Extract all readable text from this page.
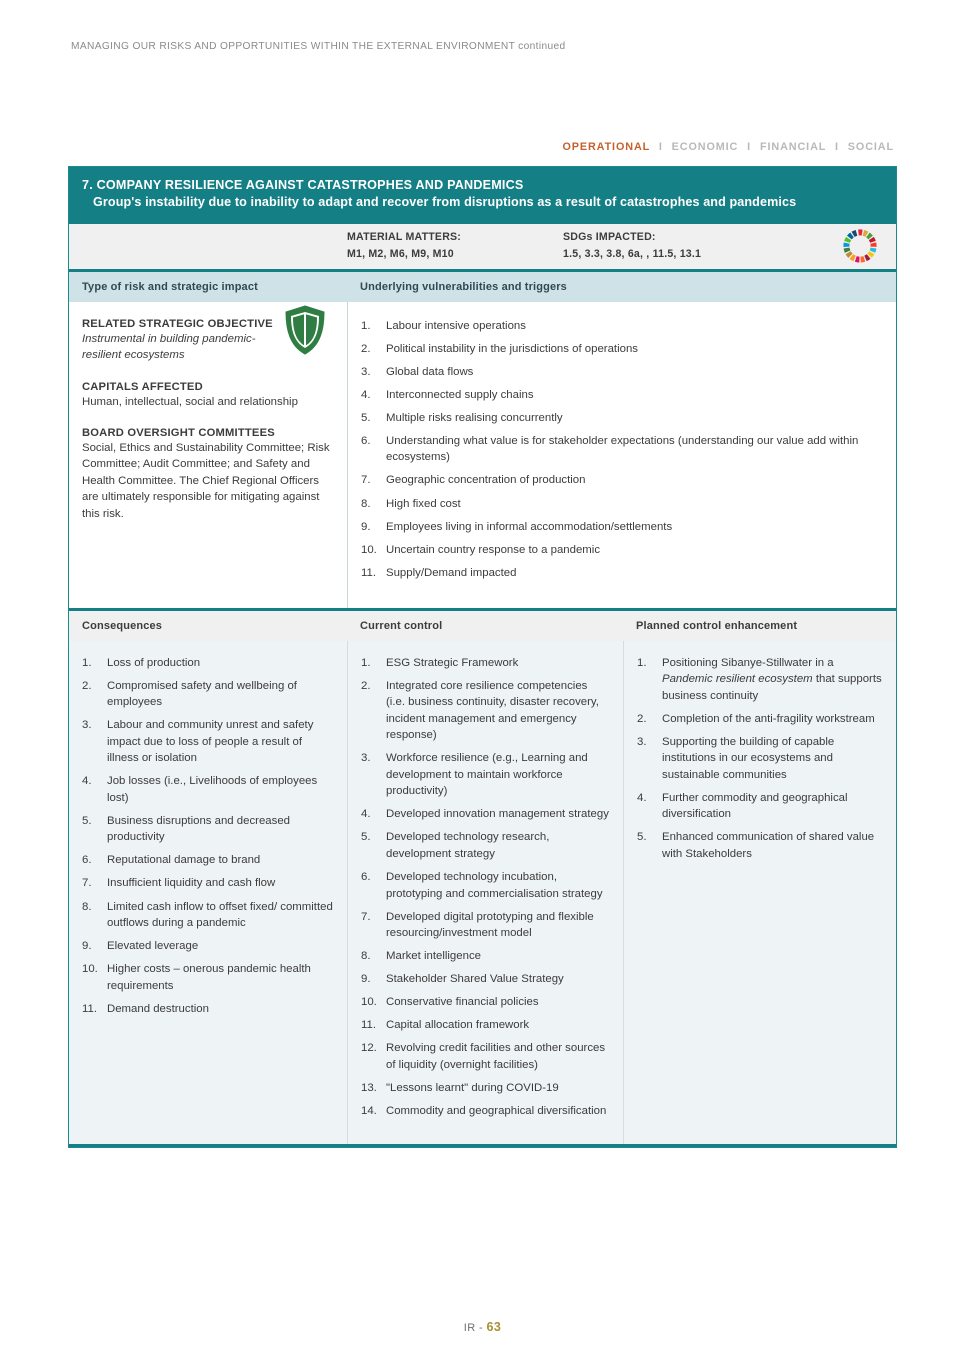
MANAGING OUR RISKS AND OPPORTUNITIES WITHIN THE EXTERNAL ENVIRONMENT continued
OPERATIONAL I ECONOMIC I FINANCIAL I SOCIAL
7. COMPANY RESILIENCE AGAINST CATASTROPHES AND PANDEMICS
Group's instability due to inability to adapt and recover from disruptions as a result of catastrophes and pandemics
MATERIAL MATTERS:
M1, M2, M6, M9, M10
SDGs IMPACTED:
1.5, 3.3, 3.8, 6a, , 11.5, 13.1
Type of risk and strategic impact	Underlying vulnerabilities and triggers
RELATED STRATEGIC OBJECTIVE
Instrumental in building pandemic-resilient ecosystems
CAPITALS AFFECTED
Human, intellectual, social and relationship
BOARD OVERSIGHT COMMITTEES
Social, Ethics and Sustainability Committee; Risk Committee; Audit Committee; and Safety and Health Committee. The Chief Regional Officers are ultimately responsible for mitigating against this risk.
1.	Labour intensive operations
2.	Political instability in the jurisdictions of operations
3.	Global data flows
4.	Interconnected supply chains
5.	Multiple risks realising concurrently
6.	Understanding what value is for stakeholder expectations (understanding our value add within ecosystems)
7.	Geographic concentration of production
8.	High fixed cost
9.	Employees living in informal accommodation/settlements
10. Uncertain country response to a pandemic
11. Supply/Demand impacted
Consequences	Current control	Planned control enhancement
1.	Loss of production
2.	Compromised safety and wellbeing of employees
3.	Labour and community unrest and safety impact due to loss of people a result of illness or isolation
4.	Job losses (i.e., Livelihoods of employees lost)
5.	Business disruptions and decreased productivity
6.	Reputational damage to brand
7.	Insufficient liquidity and cash flow
8.	Limited cash inflow to offset fixed/ committed outflows during a pandemic
9.	Elevated leverage
10. Higher costs – onerous pandemic health requirements
11. Demand destruction
1.	ESG Strategic Framework
2.	Integrated core resilience competencies (i.e. business continuity, disaster recovery, incident management and emergency response)
3.	Workforce resilience (e.g., Learning and development to maintain workforce productivity)
4.	Developed innovation management strategy
5.	Developed technology research, development strategy
6.	Developed technology incubation, prototyping and commercialisation strategy
7.	Developed digital prototyping and flexible resourcing/investment model
8.	Market intelligence
9.	Stakeholder Shared Value Strategy
10. Conservative financial policies
11. Capital allocation framework
12. Revolving credit facilities and other sources of liquidity (overnight facilities)
13. "Lessons learnt" during COVID-19
14. Commodity and geographical diversification
1.	Positioning Sibanye-Stillwater in a Pandemic resilient ecosystem that supports business continuity
2.	Completion of the anti-fragility workstream
3.	Supporting the building of capable institutions in our ecosystems and sustainable communities
4.	Further commodity and geographical diversification
5.	Enhanced communication of shared value with Stakeholders
IR - 63
